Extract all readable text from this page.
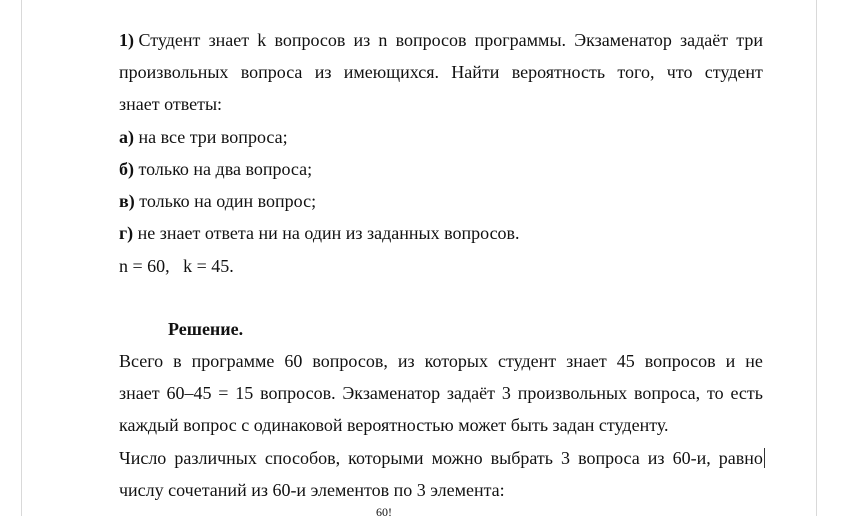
1) Студент знает k вопросов из n вопросов программы. Экзаменатор задаёт три
произвольных вопроса из имеющихся. Найти вероятность того, что студент
знает ответы:
а) на все три вопроса;
б) только на два вопроса;
в) только на один вопрос;
г) не знает ответа ни на один из заданных вопросов.
n = 60,   k = 45.
Решение.
Всего в программе 60 вопросов, из которых студент знает 45 вопросов и не
знает 60–45 = 15 вопросов. Экзаменатор задаёт 3 произвольных вопроса, то есть
каждый вопрос с одинаковой вероятностью может быть задан студенту.
Число различных способов, которыми можно выбрать 3 вопроса из 60-и, равно
числу сочетаний из 60-и элементов по 3 элемента:
60!
